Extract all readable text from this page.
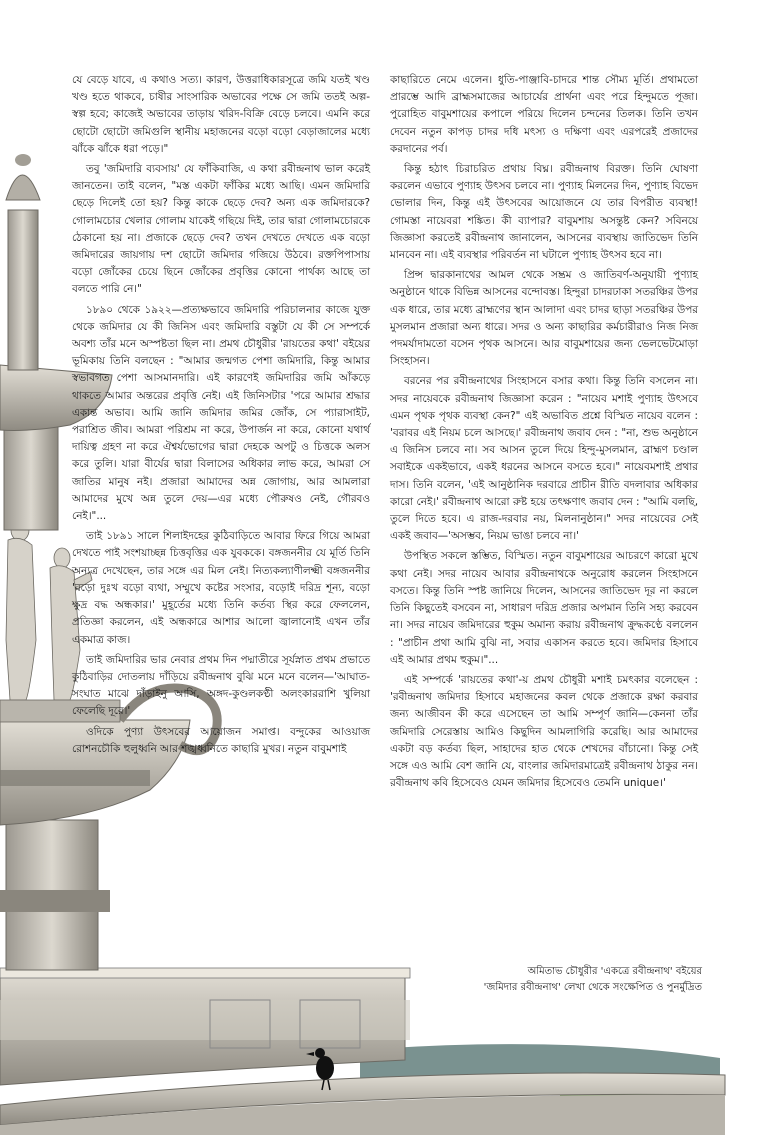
যে বেড়ে যাবে, এ কথাও সত্য। কারণ, উত্তরাধিকারসূত্রে জমি যতই খণ্ড খণ্ড হতে থাকবে, চাষীর সাংসারিক অভাবের পক্ষে সে জমি ততই অল্প-স্বল্প হবে; কাজেই অভাবের তাড়ায় খরিদ-বিক্রি বেড়ে চলবে। এমনি করে ছোটো ছোটো জমিগুলি স্থানীয় মহাজনের বড়ো বড়ো বেড়াজালের মধ্যে ঝাঁকে ঝাঁকে ধরা পড়ে।"

তবু 'জমিদারি ব্যবসায়' যে ফাঁকিবাজি, এ কথা রবীন্দ্রনাথ ভাল করেই জানতেন। তাই বলেন, "মস্ত একটা ফাঁকির মধ্যে আছি। এমন জমিদারি ছেড়ে দিলেই তো হয়? কিন্তু কাকে ছেড়ে দেব? অন্য এক জমিদারকে? গোলামচোর খেলার গোলাম যাকেই গছিয়ে দিই, তার দ্বারা গোলামচোরকে ঠেকানো হয় না। প্রজাকে ছেড়ে দেব? তখন দেখতে দেখতে এক বড়ো জমিদারের জায়গায় দশ ছোটো জমিদার গজিয়ে উঠবে। রক্তপিপাসায় বড়ো জোঁকের চেয়ে ছিনে জোঁকের প্রবৃত্তির কোনো পার্থক্য আছে তা বলতে পারি নে।"

১৮৯০ থেকে ১৯২২—প্রত্যক্ষভাবে জমিদারি পরিচালনার কাজে যুক্ত থেকে জমিদার যে কী জিনিস এবং জমিদারি বস্তুটা যে কী সে সম্পর্কে অবশ্য তাঁর মনে অস্পষ্টতা ছিল না। প্রমথ চৌধুরীর 'রায়তের কথা' বইয়ের ভূমিকায় তিনি বলছেন : "আমার জন্মগত পেশা জমিদারি, কিন্তু আমার স্বভাবগত পেশা আসমানদারি। এই কারণেই জমিদারির জমি আঁকড়ে থাকতে আমার অন্তরের প্রবৃত্তি নেই। এই জিনিসটার 'পরে আমার শ্রদ্ধার একান্ত অভাব। আমি জানি জমিদার জমির জোঁক, সে প্যারাসাইট, পরাশ্রিত জীব। আমরা পরিশ্রম না করে, উপার্জন না করে, কোনো যথার্থ দায়িত্ব গ্রহণ না করে ঐশ্বর্যভোগের দ্বারা দেহকে অপটু ও চিত্তকে অলস করে তুলি। যারা বীর্যের দ্বারা বিলাসের অধিকার লাভ করে, আমরা সে জাতির মানুষ নই। প্রজারা আমাদের অন্ন জোগায়, আর আমলারা আমাদের মুখে অন্ন তুলে দেয়—এর মধ্যে পৌরুষও নেই, গৌরবও নেই।"...

তাই ১৮৯১ সালে শিলাইদহের কুঠিবাড়িতে আবার ফিরে গিয়ে আমরা দেখতে পাই সংশয়াচ্ছন্ন চিত্তবৃত্তির এক যুবককে। বঙ্গজননীর যে মূর্তি তিনি অন্যত্র দেখেছেন, তার সঙ্গে এর মিল নেই। নিত্যকল্যাণীলক্ষ্মী বঙ্গজননীর 'বড়ো দুঃখ বড়ো ব্যথা, সম্মুখে কষ্টের সংসার, বড়োই দরিদ্র শূন্য, বড়ো ক্ষুদ্র বদ্ধ অন্ধকার।' মুহূর্তের মধ্যে তিনি কর্তব্য স্থির করে ফেললেন, প্রতিজ্ঞা করলেন, এই অন্ধকারে আশার আলো জ্বালানোই এখন তাঁর একমাত্র কাজ।

তাই জমিদারির ভার নেবার প্রথম দিন পদ্মাতীরে সূর্যস্নাত প্রথম প্রভাতে কুঠিবাড়ির দোতলায় দাঁড়িয়ে রবীন্দ্রনাথ বুঝি মনে মনে বলেন—'আঘাত-সংঘাত মাঝে দাঁড়াইনু আসি, অঙ্গদ-কুণ্ডলকণ্ঠী অলংকাররাশি খুলিয়া ফেলেছি দূরে।'

ওদিকে পুণ্যা উৎসবের আয়োজন সমাপ্ত। বন্দুকের আওয়াজ রোশনচৌকি হুলুধ্বনি আর শঙ্খধ্বনিতে কাছারি মুখর। নতুন বাবুমশাই

কাছারিতে নেমে এলেন। ধুতি-পাঞ্জাবি-চাদরে শান্ত সৌম্য মূর্তি। প্রথামতো প্রারম্ভে আদি ব্রাহ্মসমাজের আচার্যের প্রার্থনা এবং পরে হিন্দুমতে পূজা। পুরোহিত বাবুমশায়ের কপালে পরিয়ে দিলেন চন্দনের তিলক। তিনি তখন দেবেন নতুন কাপড় চাদর দধি মৎস্য ও দক্ষিণা এবং এরপরেই প্রজাদের করদানের পর্ব।

কিন্তু হঠাৎ চিরাচরিত প্রথায় বিঘ্ন। রবীন্দ্রনাথ বিরক্ত। তিনি ঘোষণা করলেন এভাবে পুণ্যাহ উৎসব চলবে না। পুণ্যাহ মিলনের দিন, পুণ্যাহ বিভেদ ভোলার দিন, কিন্তু এই উৎসবের আয়োজনে যে তার বিপরীত ব্যবস্থা! গোমস্তা নায়েবরা শঙ্কিত। কী ব্যাপার? বাবুমশায় অসন্তুষ্ট কেন? সবিনয়ে জিজ্ঞাসা করতেই রবীন্দ্রনাথ জানালেন, আসনের ব্যবস্থায় জাতিভেদ তিনি মানবেন না। এই ব্যবস্থার পরিবর্তন না ঘটালে পুণ্যাহ উৎসব হবে না।

প্রিন্স দ্বারকানাথের আমল থেকে সম্ভ্রম ও জাতিবর্ণ-অনুযায়ী পুণ্যাহ অনুষ্ঠানে থাকে বিভিন্ন আসনের বন্দোবস্ত। হিন্দুরা চাদরঢাকা সতরঞ্চির উপর এক ধারে, তার মধ্যে ব্রাহ্মণের স্থান আলাদা এবং চাদর ছাড়া সতরঞ্চির উপর মুসলমান প্রজারা অন্য ধারে। সদর ও অন্য কাছারির কর্মচারীরাও নিজ নিজ পদমর্যাদামতো বসেন পৃথক আসনে। আর বাবুমশায়ের জন্য ভেলভেটমোড়া সিংহাসন।

বরনের পর রবীন্দ্রনাথের সিংহাসনে বসার কথা। কিন্তু তিনি বসলেন না। সদর নায়েবকে রবীন্দ্রনাথ জিজ্ঞাসা করেন : "নায়েব মশাই পুণ্যাহ উৎসবে এমন পৃথক পৃথক ব্যবস্থা কেন?" এই অভাবিত প্রশ্নে বিস্মিত নায়েব বলেন : 'বরাবর এই নিয়ম চলে আসছে।' রবীন্দ্রনাথ জবাব দেন : "না, শুভ অনুষ্ঠানে এ জিনিস চলবে না। সব আসন তুলে দিয়ে হিন্দু-মুসলমান, ব্রাহ্মণ চণ্ডাল সবাইকে একইভাবে, একই ধরনের আসনে বসতে হবে।" নায়েবমশাই প্রথার দাস। তিনি বলেন, 'এই আনুষ্ঠানিক দরবারে প্রাচীন রীতি বদলাবার অধিকার কারো নেই।' রবীন্দ্রনাথ আরো রুষ্ট হয়ে তৎক্ষণাৎ জবাব দেন : "আমি বলছি, তুলে দিতে হবে। এ রাজ-দরবার নয়, মিলনানুষ্ঠান।" সদর নায়েবের সেই একই জবাব—'অসম্ভব, নিয়ম ভাঙা চলবে না।'

উপস্থিত সকলে স্তম্ভিত, বিস্মিত। নতুন বাবুমশায়ের আচরণে কারো মুখে কথা নেই। সদর নায়েব আবার রবীন্দ্রনাথকে অনুরোধ করলেন সিংহাসনে বসতে। কিন্তু তিনি স্পষ্ট জানিয়ে দিলেন, আসনের জাতিভেদ দূর না করলে তিনি কিছুতেই বসবেন না, সাধারণ দরিদ্র প্রজার অপমান তিনি সহ্য করবেন না। সদর নায়েব জমিদারের হুকুম অমান্য করায় রবীন্দ্রনাথ ক্রুদ্ধকণ্ঠে বললেন : "প্রাচীন প্রথা আমি বুঝি না, সবার একাসন করতে হবে। জমিদার হিসাবে এই আমার প্রথম হুকুম।"...

এই সম্পর্কে 'রায়তের কথা'-য় প্রমথ চৌধুরী মশাই চমৎকার বলেছেন : 'রবীন্দ্রনাথ জমিদার হিসাবে মহাজনের কবল থেকে প্রজাকে রক্ষা করবার জন্য আজীবন কী করে এসেছেন তা আমি সম্পূর্ণ জানি—কেননা তাঁর জমিদারি সেরেস্তায় আমিও কিছুদিন আমলাগিরি করেছি। আর আমাদের একটা বড় কর্তব্য ছিল, সাহাদের হাত থেকে শেখদের বাঁচানো। কিন্তু সেই সঙ্গে এও আমি বেশ জানি যে, বাংলার জমিদারমাত্রেই রবীন্দ্রনাথ ঠাকুর নন। রবীন্দ্রনাথ কবি হিসেবেও যেমন জমিদার হিসেবেও তেমনি unique।'

অমিতাভ চৌধুরীর 'একত্রে রবীন্দ্রনাথ' বইয়ের
'জমিদার রবীন্দ্রনাথ' লেখা থেকে সংক্ষেপিত ও পুনর্মুদ্রিত
